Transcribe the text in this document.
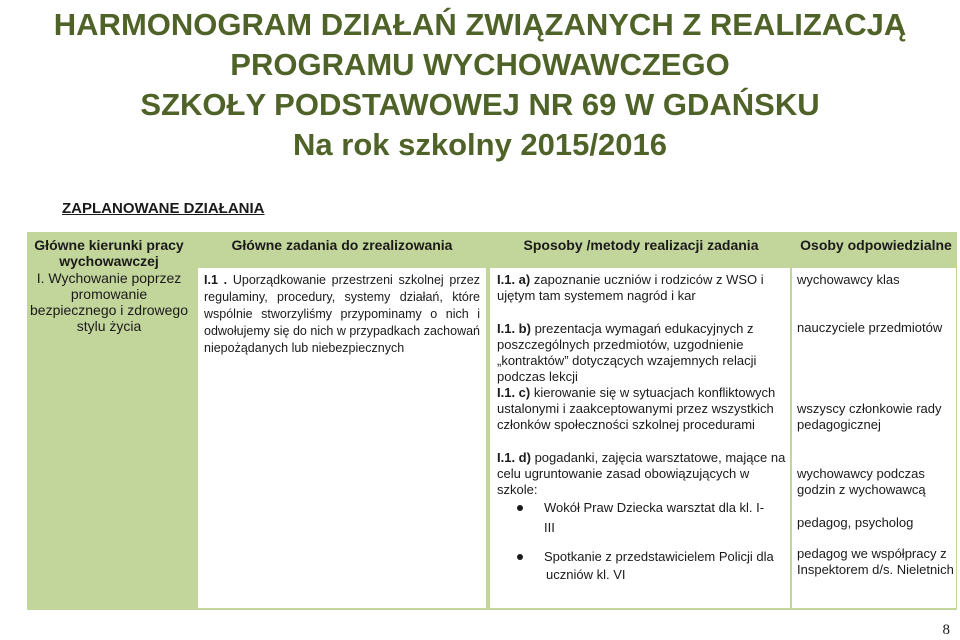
HARMONOGRAM DZIAŁAŃ ZWIĄZANYCH Z REALIZACJĄ
PROGRAMU WYCHOWAWCZEGO
SZKOŁY PODSTAWOWEJ NR 69 W GDAŃSKU
Na rok szkolny 2015/2016
ZAPLANOWANE DZIAŁANIA
Główne kierunki pracy wychowawczej
Główne zadania do zrealizowania	Sposoby /metody realizacji zadania	Osoby odpowiedzialne
I. Wychowanie poprzez promowanie bezpiecznego i zdrowego stylu życia
I.1 . Uporządkowanie przestrzeni szkolnej przez regulaminy, procedury, systemy działań, które wspólnie stworzyliśmy przypominamy o nich i odwołujemy się do nich w przypadkach zachowań niepożądanych lub niebezpiecznych
I.1. a) zapoznanie uczniów i rodziców z WSO i ujętym tam systemem nagród i kar
I.1. b) prezentacja wymagań edukacyjnych z poszczególnych przedmiotów, uzgodnienie „kontraktów” dotyczących wzajemnych relacji podczas lekcji
I.1. c) kierowanie się w sytuacjach konfliktowych ustalonymi i zaakceptowanymi przez wszystkich członków społeczności szkolnej procedurami
I.1. d) pogadanki, zajęcia warsztatowe, mające na celu ugruntowanie zasad obowiązujących w szkole:
Wokół Praw Dziecka warsztat dla kl. I-
III
Spotkanie z przedstawicielem Policji dla
uczniów kl. VI
wychowawcy klas
nauczyciele przedmiotów
wszyscy członkowie rady pedagogicznej
wychowawcy podczas godzin z wychowawcą
pedagog, psycholog
pedagog we współpracy z Inspektorem d/s. Nieletnich
8
